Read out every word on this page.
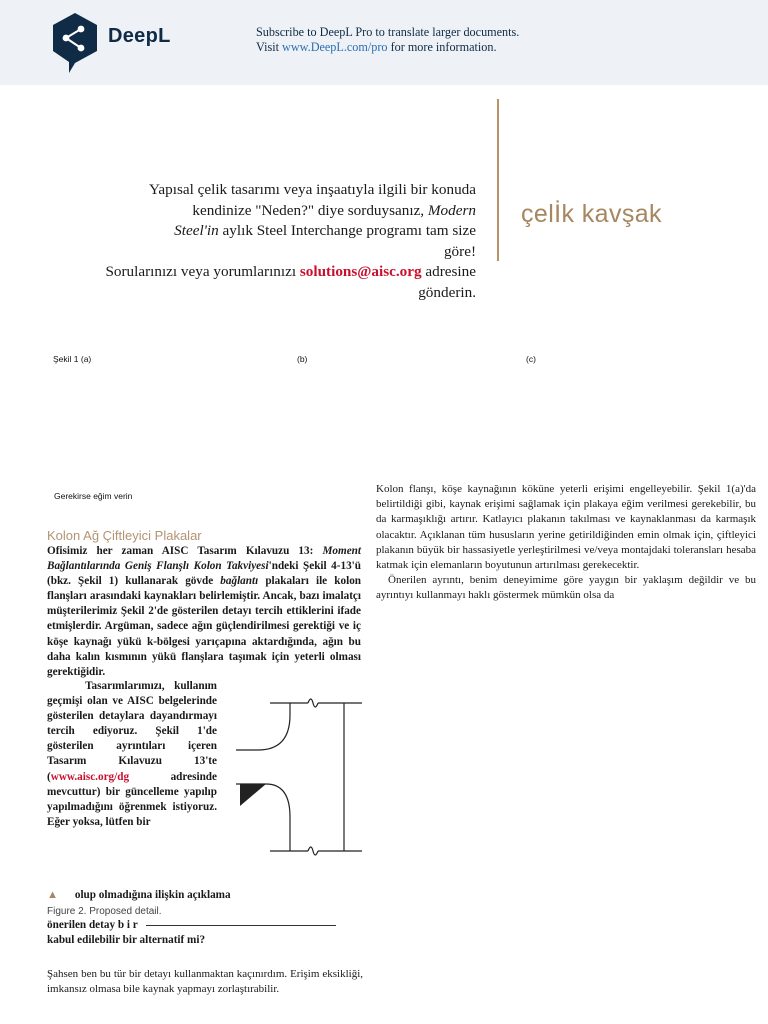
DeepL	Subscribe to DeepL Pro to translate larger documents.
Visit www.DeepL.com/pro for more information.
Yapısal çelik tasarımı veya inşaatıyla ilgili bir konuda
kendinize "Neden?" diye sorduysanız, Modern
Steel'in aylık Steel Interchange programı tam size
göre!
Sorularınızı veya yorumlarınızı solutions@aisc.org adresine
gönderin.
çelİk kavşak
Şekil 1 (a)	(b)	(c)
Gerekirse eğim verin
Kolon Ağ Çiftleyici Plakalar

Ofisimiz her zaman AISC Tasarım Kılavuzu 13: Moment Bağlantılarında Geniş Flanşlı Kolon Takviyesi'ndeki Şekil 4-13'ü (bkz. Şekil 1) kullanarak gövde bağlantı plakaları ile kolon flanşları arasındaki kaynakları belirlemiştir. Ancak, bazı imalatçı müşterilerimiz Şekil 2'de gösterilen detayı tercih ettiklerini ifade etmişlerdir. Argüman, sadece ağın güçlendirilmesi gerektiği ve iç köşe kaynağı yükü k-bölgesi yarıçapına aktardığında, ağın bu daha kalın kısmının yükü flanşlara taşımak için yeterli olması gerektiğidir.

Tasarımlarımızı, kullanım geçmişi olan ve AISC belgelerinde gösterilen detaylara dayandırmayı tercih ediyoruz. Şekil 1'de gösterilen ayrıntıları içeren Tasarım Kılavuzu 13'te (www.aisc.org/dg adresinde mevcuttur) bir güncelleme yapılıp yapılmadığını öğrenmek istiyoruz. Eğer yoksa, lütfen bir

▲ olup olmadığına ilişkin açıklama

Figure 2. Proposed detail.
önerilen detay b i r
kabul edilebilir bir alternatif mi?

Şahsen ben bu tür bir detayı kullanmaktan kaçınırdım. Erişim eksikliği, imkansız olmasa bile kaynak yapmayı zorlaştırabilir.

Kolon flanşı, köşe kaynağının köküne yeterli erişimi engelleyebilir. Şekil 1(a)'da belirtildiği gibi, kaynak erişimi sağlamak için plakaya eğim verilmesi gerekebilir, bu da karmaşıklığı artırır. Katlayıcı plakanın takılması ve kaynaklanması da karmaşık olacaktır. Açıklanan tüm hususların yerine getirildiğinden emin olmak için, çiftleyici plakanın büyük bir hassasiyetle yerleştirilmesi ve/veya montajdaki toleransları hesaba katmak için elemanların boyutunun artırılması gerekecektir.

Önerilen ayrıntı, benim deneyimime göre yaygın bir yaklaşım değildir ve bu ayrıntıyı kullanmayı haklı göstermek mümkün olsa da
